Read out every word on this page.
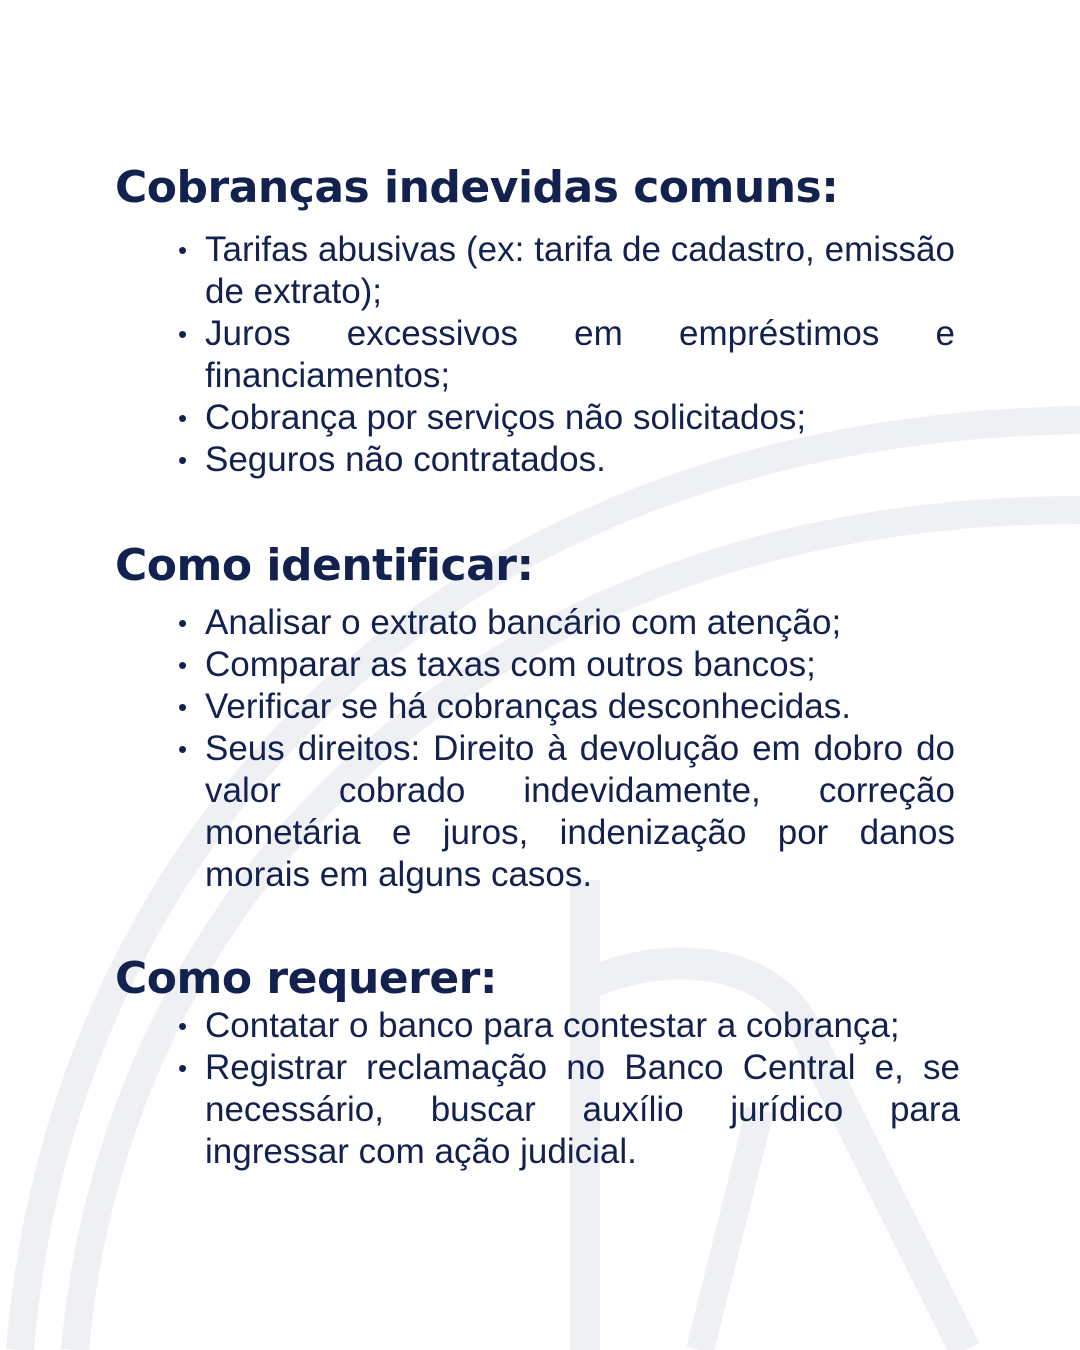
Cobranças indevidas comuns:
• Tarifas abusivas (ex: tarifa de cadastro, emissão de extrato);
• Juros excessivos em empréstimos e financiamentos;
• Cobrança por serviços não solicitados;
• Seguros não contratados.
Como identificar:
• Analisar o extrato bancário com atenção;
• Comparar as taxas com outros bancos;
• Verificar se há cobranças desconhecidas.
• Seus direitos: Direito à devolução em dobro do valor cobrado indevidamente, correção monetária e juros, indenização por danos morais em alguns casos.
Como requerer:
• Contatar o banco para contestar a cobrança;
• Registrar reclamação no Banco Central e, se necessário, buscar auxílio jurídico para ingressar com ação judicial.
